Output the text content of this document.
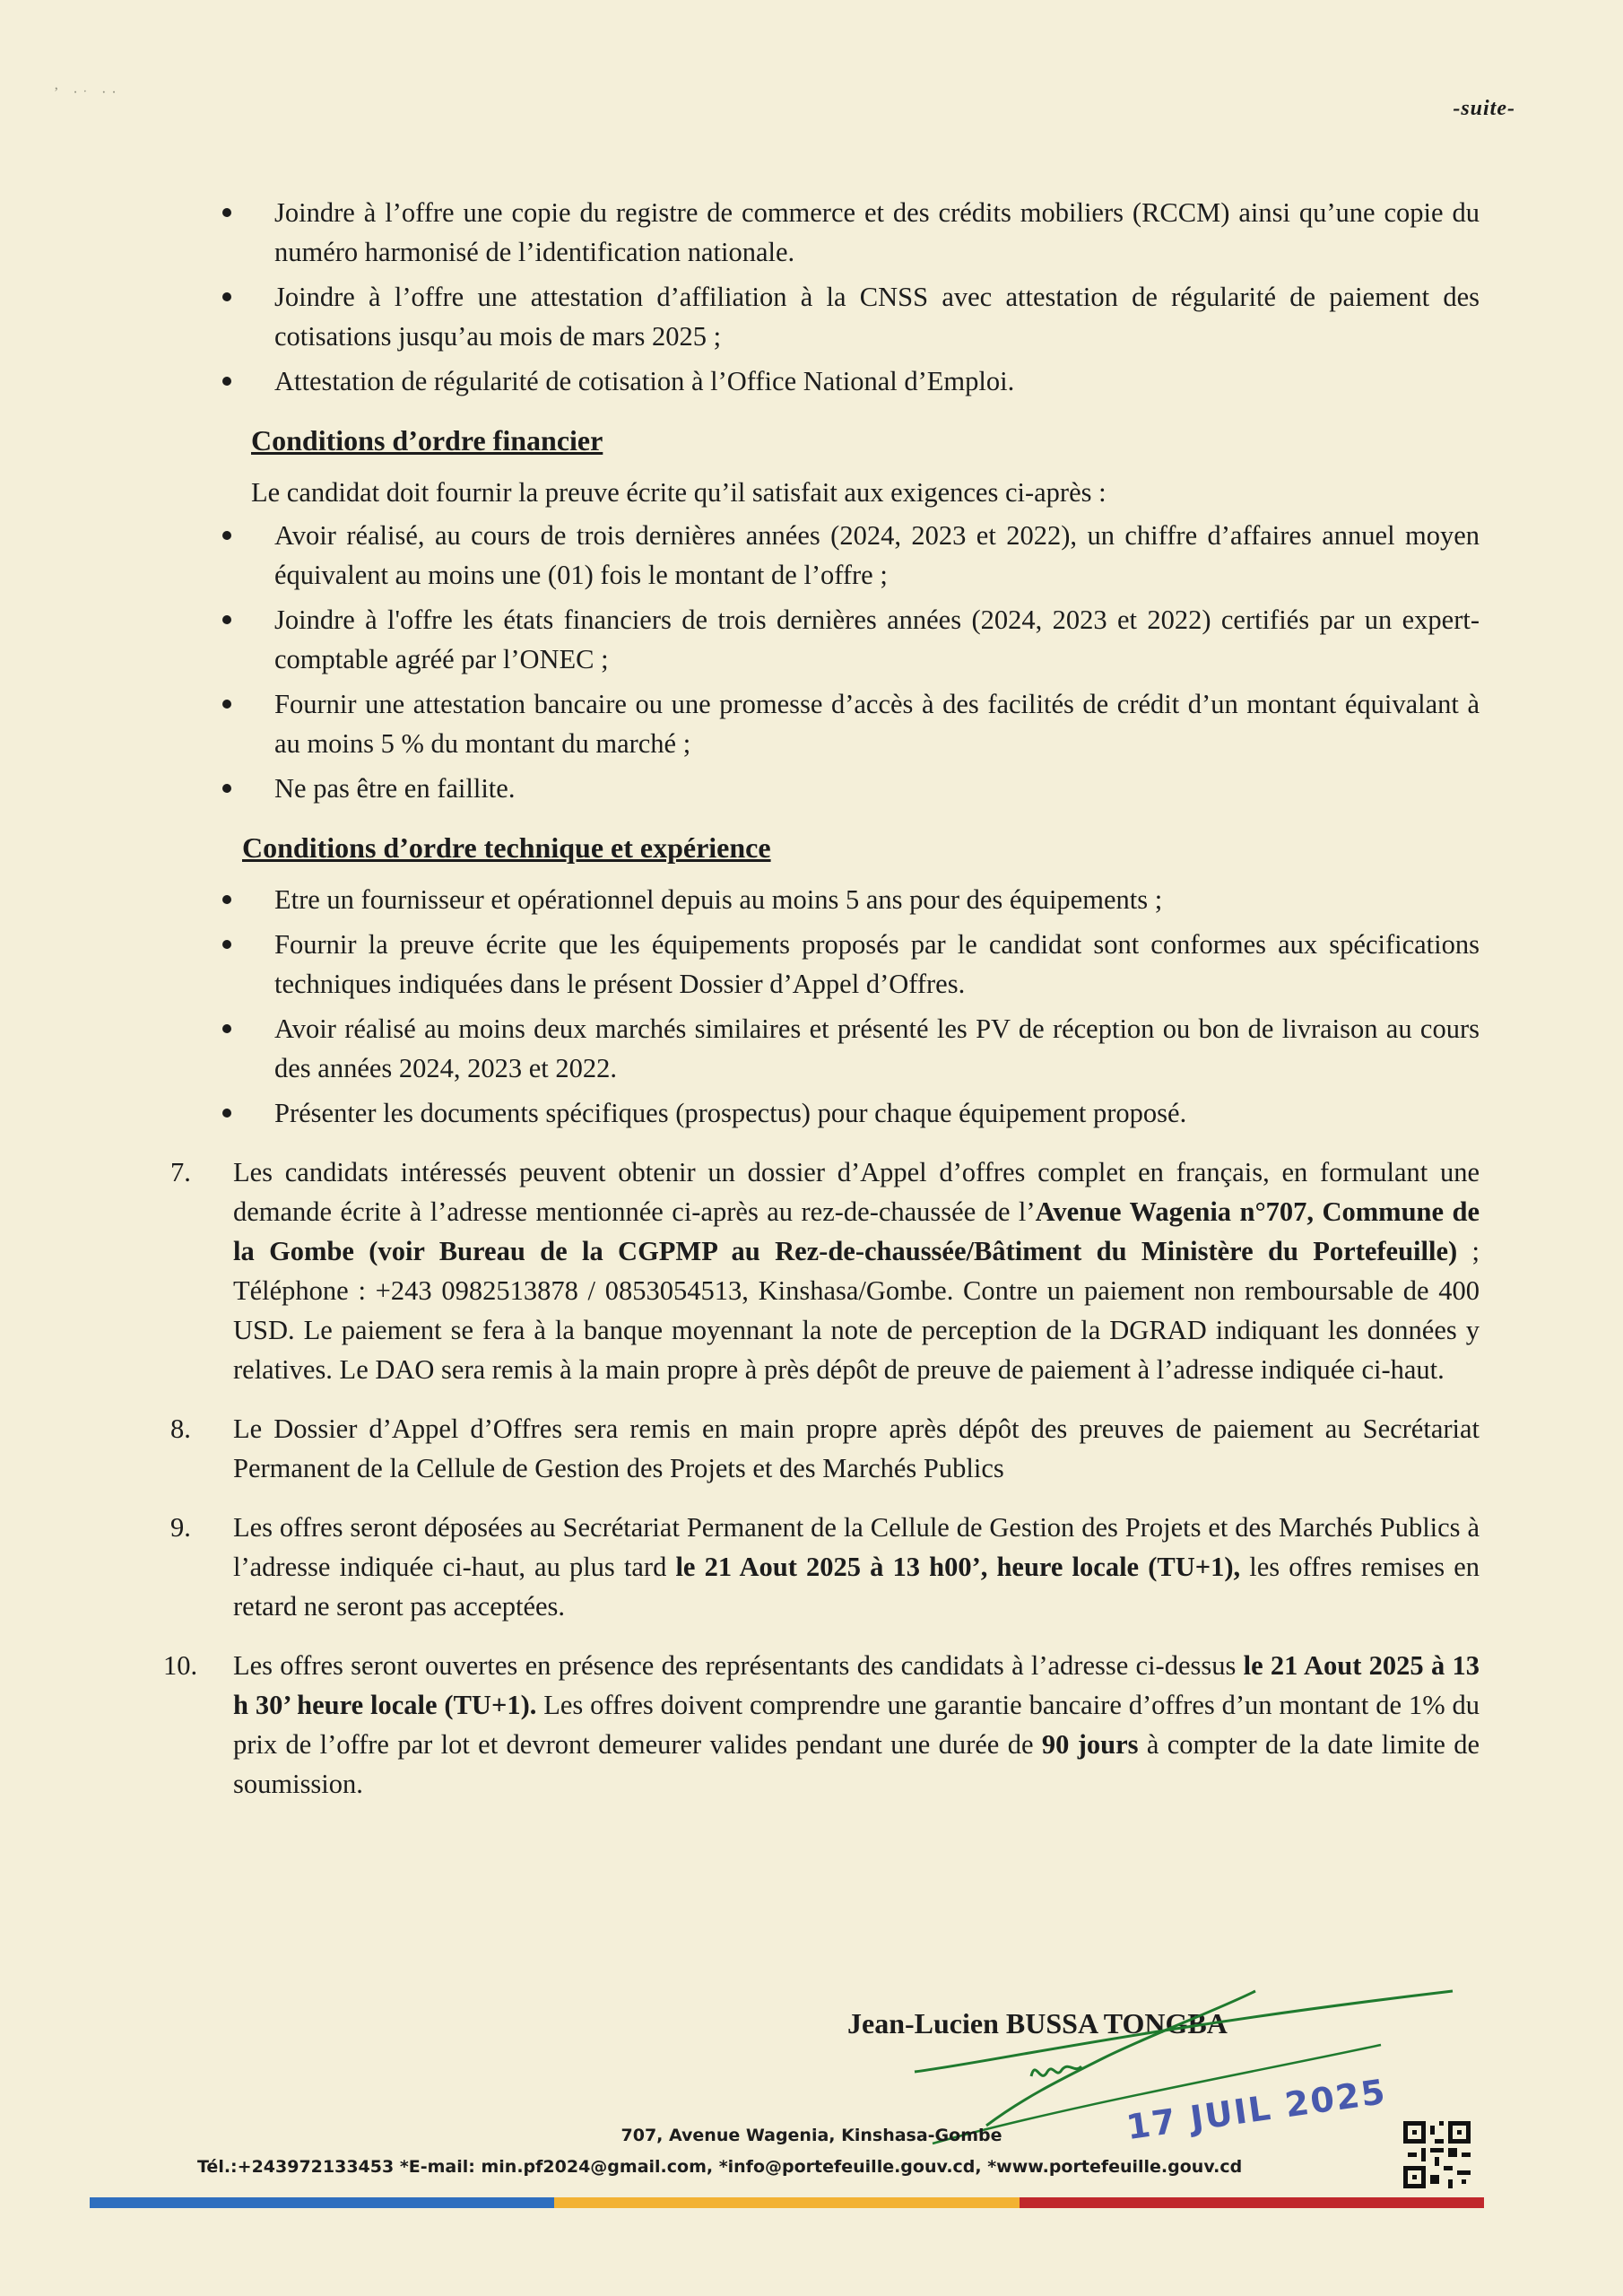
ʼ ·ˑ ··
-suite-
Joindre à l’offre une copie du registre de commerce et des crédits mobiliers (RCCM) ainsi qu’une copie du numéro harmonisé de l’identification nationale.
Joindre à l’offre une attestation d’affiliation à la CNSS avec attestation de régularité de paiement des cotisations jusqu’au mois de mars 2025 ;
Attestation de régularité de cotisation à l’Office National d’Emploi.
Conditions d’ordre financier
Le candidat doit fournir la preuve écrite qu’il satisfait aux exigences ci-après :
Avoir réalisé, au cours de trois dernières années (2024, 2023 et 2022), un chiffre d’affaires annuel moyen équivalent au moins une (01) fois le montant de l’offre ;
Joindre à l'offre les états financiers de trois dernières années (2024, 2023 et 2022) certifiés par un expert-comptable agréé par l’ONEC ;
Fournir une attestation bancaire ou une promesse d’accès à des facilités de crédit d’un montant équivalant à au moins 5 % du montant du marché ;
Ne pas être en faillite.
Conditions d’ordre technique et expérience
Etre un fournisseur et opérationnel depuis au moins 5 ans pour des équipements ;
Fournir la preuve écrite que les équipements proposés par le candidat sont conformes aux spécifications techniques indiquées dans le présent Dossier d’Appel d’Offres.
Avoir réalisé au moins deux marchés similaires et présenté les PV de réception ou bon de livraison au cours des années 2024, 2023 et 2022.
Présenter les documents spécifiques (prospectus) pour chaque équipement proposé.
7. Les candidats intéressés peuvent obtenir un dossier d’Appel d’offres complet en français, en formulant une demande écrite à l’adresse mentionnée ci-après au rez-de-chaussée de l’Avenue Wagenia n°707, Commune de la Gombe (voir Bureau de la CGPMP au Rez-de-chaussée/Bâtiment du Ministère du Portefeuille) ; Téléphone : +243 0982513878 / 0853054513, Kinshasa/Gombe. Contre un paiement non remboursable de 400 USD. Le paiement se fera à la banque moyennant la note de perception de la DGRAD indiquant les données y relatives. Le DAO sera remis à la main propre à près dépôt de preuve de paiement à l’adresse indiquée ci-haut.
8. Le Dossier d’Appel d’Offres sera remis en main propre après dépôt des preuves de paiement au Secrétariat Permanent de la Cellule de Gestion des Projets et des Marchés Publics
9. Les offres seront déposées au Secrétariat Permanent de la Cellule de Gestion des Projets et des Marchés Publics à l’adresse indiquée ci-haut, au plus tard le 21 Aout 2025 à 13 h00’, heure locale (TU+1), les offres remises en retard ne seront pas acceptées.
10. Les offres seront ouvertes en présence des représentants des candidats à l’adresse ci-dessus le 21 Aout 2025 à 13 h 30’ heure locale (TU+1). Les offres doivent comprendre une garantie bancaire d’offres d’un montant de 1% du prix de l’offre par lot et devront demeurer valides pendant une durée de 90 jours à compter de la date limite de soumission.
Jean-Lucien BUSSA TONGBA
17 JUIL 2025
707, Avenue Wagenia, Kinshasa-Gombe
Tél.:+243972133453 *E-mail: min.pf2024@gmail.com, *info@portefeuille.gouv.cd, *www.portefeuille.gouv.cd
